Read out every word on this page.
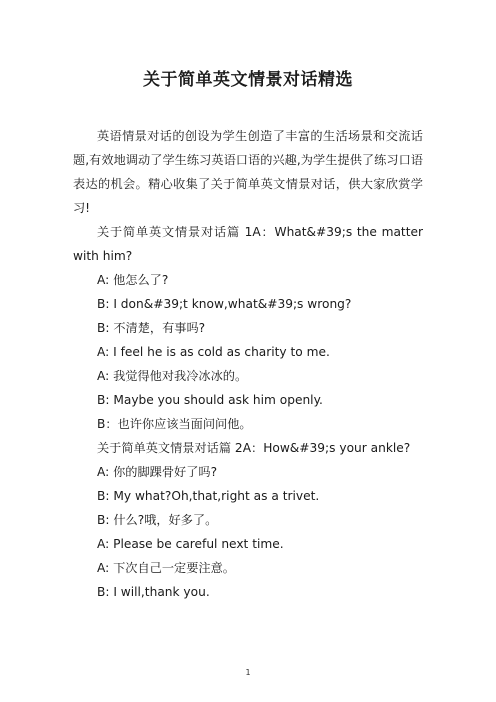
关于简单英文情景对话精选

英语情景对话的创设为学生创造了丰富的生活场景和交流话题,有效地调动了学生练习英语口语的兴趣,为学生提供了练习口语表达的机会。精心收集了关于简单英文情景对话，供大家欣赏学习!

关于简单英文情景对话篇 1A：What&#39;s the matter with him?

A: 他怎么了?

B: I don&#39;t know,what&#39;s wrong?

B: 不清楚，有事吗?

A: I feel he is as cold as charity to me.

A: 我觉得他对我冷冰冰的。

B: Maybe you should ask him openly.

B：也许你应该当面问问他。

关于简单英文情景对话篇 2A：How&#39;s your ankle?

A: 你的脚踝骨好了吗?

B: My what?Oh,that,right as a trivet.

B: 什么?哦，好多了。

A: Please be careful next time.

A: 下次自己一定要注意。

B: I will,thank you.

1
